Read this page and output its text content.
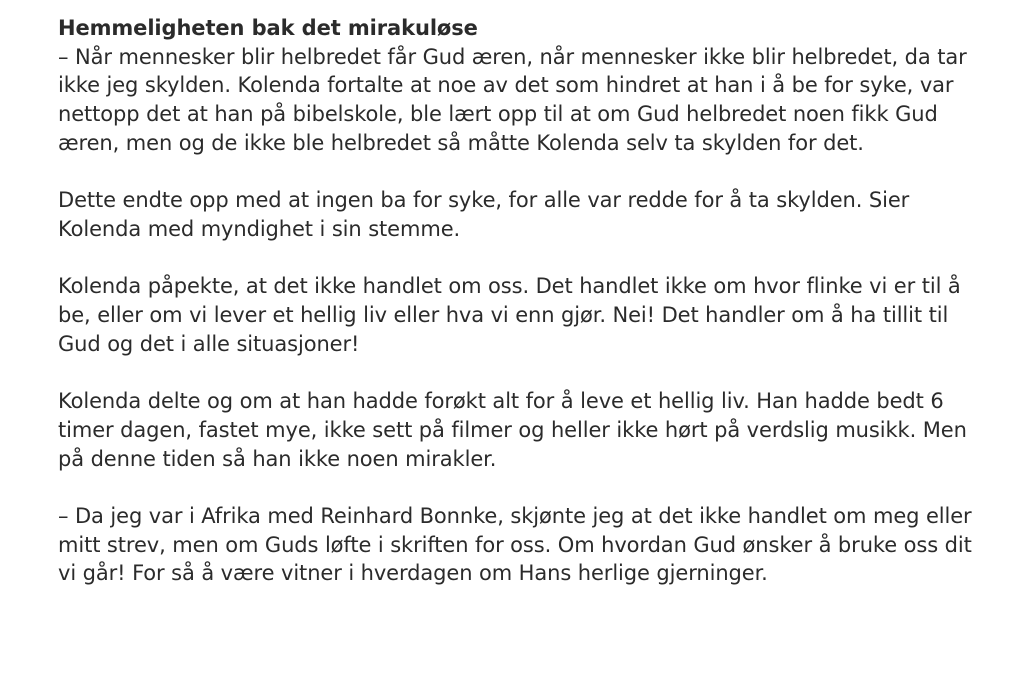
Hemmeligheten bak det mirakuløse

– Når mennesker blir helbredet får Gud æren, når mennesker ikke blir helbredet, da tar ikke jeg skylden. Kolenda fortalte at noe av det som hindret at han i å be for syke, var nettopp det at han på bibelskole, ble lært opp til at om Gud helbredet noen fikk Gud æren, men og de ikke ble helbredet så måtte Kolenda selv ta skylden for det.

Dette endte opp med at ingen ba for syke, for alle var redde for å ta skylden. Sier Kolenda med myndighet i sin stemme.

Kolenda påpekte, at det ikke handlet om oss. Det handlet ikke om hvor flinke vi er til å be, eller om vi lever et hellig liv eller hva vi enn gjør. Nei! Det handler om å ha tillit til Gud og det i alle situasjoner!

Kolenda delte og om at han hadde forøkt alt for å leve et hellig liv. Han hadde bedt 6 timer dagen, fastet mye, ikke sett på filmer og heller ikke hørt på verdslig musikk. Men på denne tiden så han ikke noen mirakler.

– Da jeg var i Afrika med Reinhard Bonnke, skjønte jeg at det ikke handlet om meg eller mitt strev, men om Guds løfte i skriften for oss. Om hvordan Gud ønsker å bruke oss dit vi går! For så å være vitner i hverdagen om Hans herlige gjerninger.
